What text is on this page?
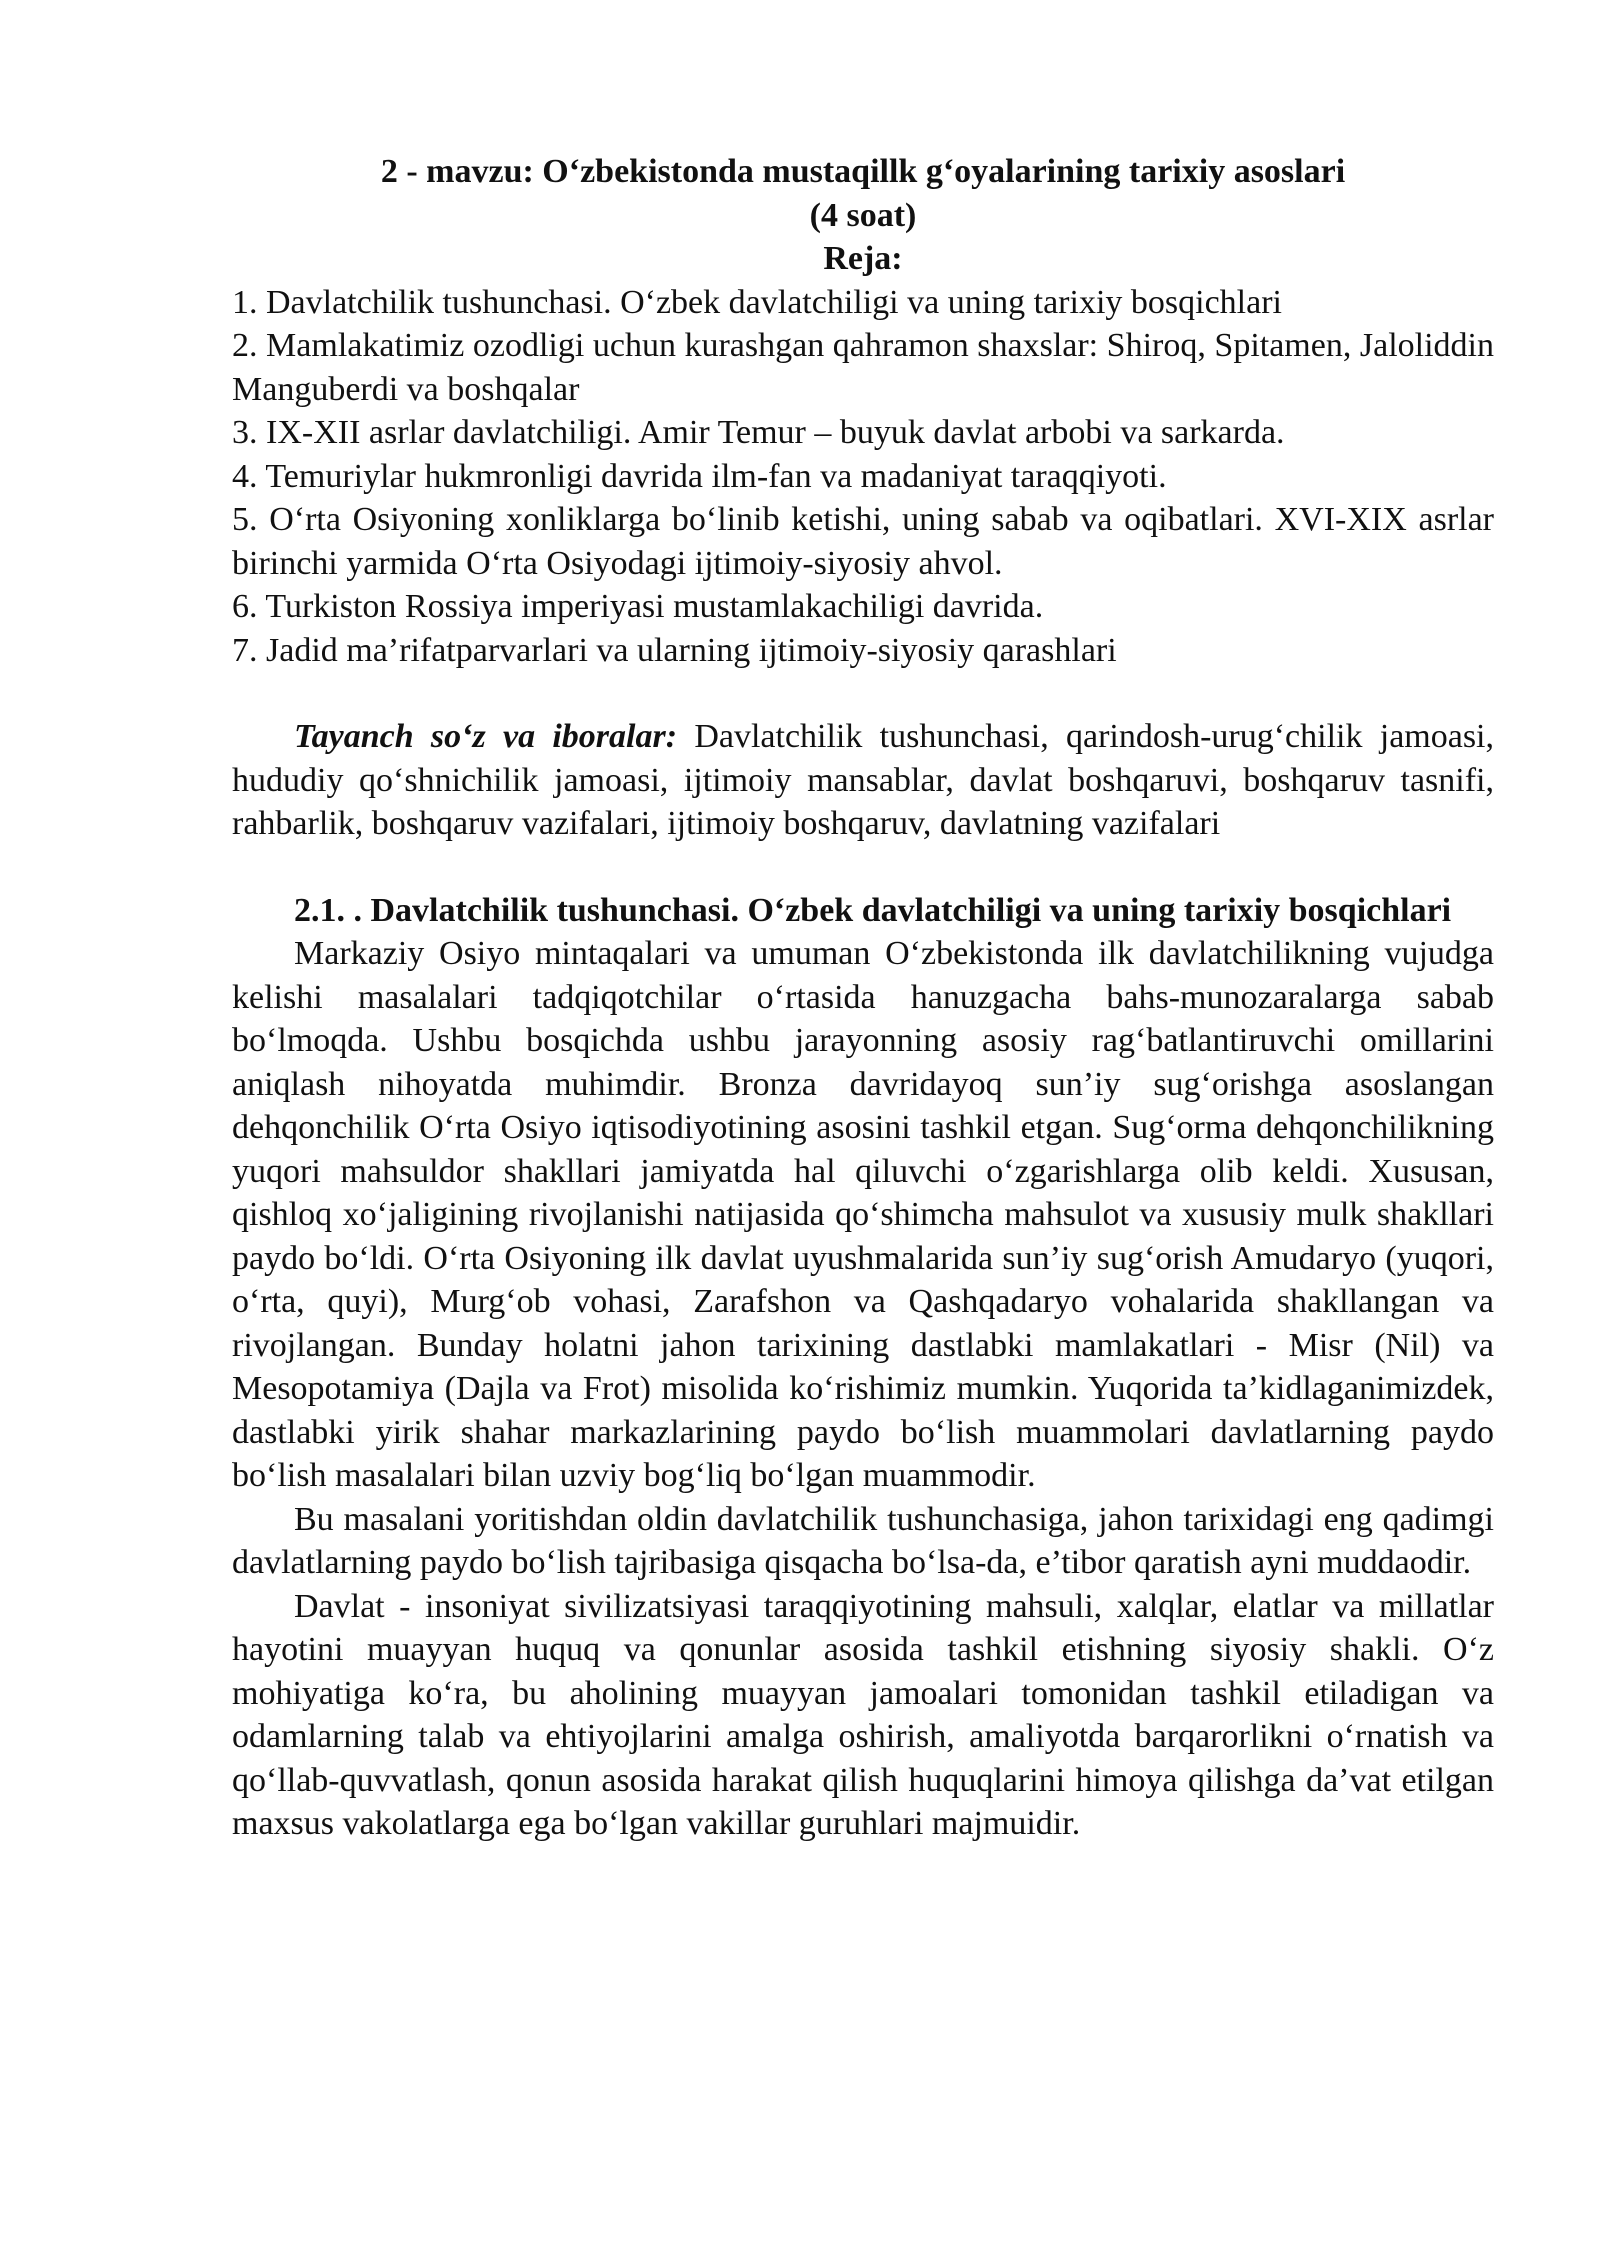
2 - mavzu: O‘zbekistonda mustaqillk g‘oyalarining tarixiy asoslari
(4 soat)
Reja:
1. Davlatchilik tushunchasi. O‘zbek davlatchiligi va uning tarixiy bosqichlari
2. Mamlakatimiz ozodligi uchun kurashgan qahramon shaxslar: Shiroq, Spitamen, Jaloliddin Manguberdi va boshqalar
3. IX-XII asrlar davlatchiligi. Amir Temur – buyuk davlat arbobi va sarkarda.
4. Temuriylar hukmronligi davrida ilm-fan va madaniyat taraqqiyoti.
5. O‘rta Osiyoning xonliklarga bo‘linib ketishi, uning sabab va oqibatlari. XVI-XIX asrlar birinchi yarmida O‘rta Osiyodagi ijtimoiy-siyosiy ahvol.
6. Turkiston Rossiya imperiyasi mustamlakachiligi davrida.
7. Jadid ma’rifatparvarlari va ularning ijtimoiy-siyosiy qarashlari

Tayanch so‘z va iboralar: Davlatchilik tushunchasi, qarindosh-urug‘chilik jamoasi, hududiy qo‘shnichilik jamoasi, ijtimoiy mansablar, davlat boshqaruvi, boshqaruv tasnifi, rahbarlik, boshqaruv vazifalari, ijtimoiy boshqaruv, davlatning vazifalari

2.1. . Davlatchilik tushunchasi. O‘zbek davlatchiligi va uning tarixiy bosqichlari

Markaziy Osiyo mintaqalari va umuman O‘zbekistonda ilk davlatchilikning vujudga kelishi masalalari tadqiqotchilar o‘rtasida hanuzgacha bahs-munozaralarga sabab bo‘lmoqda. Ushbu bosqichda ushbu jarayonning asosiy rag‘batlantiruvchi omillarini aniqlash nihoyatda muhimdir. Bronza davridayoq sun’iy sug‘orishga asoslangan dehqonchilik O‘rta Osiyo iqtisodiyotining asosini tashkil etgan. Sug‘orma dehqonchilikning yuqori mahsuldor shakllari jamiyatda hal qiluvchi o‘zgarishlarga olib keldi. Xususan, qishloq xo‘jaligining rivojlanishi natijasida qo‘shimcha mahsulot va xususiy mulk shakllari paydo bo‘ldi. O‘rta Osiyoning ilk davlat uyushmalarida sun’iy sug‘orish Amudaryo (yuqori, o‘rta, quyi), Murg‘ob vohasi, Zarafshon va Qashqadaryo vohalarida shakllangan va rivojlangan. Bunday holatni jahon tarixining dastlabki mamlakatlari - Misr (Nil) va Mesopotamiya (Dajla va Frot) misolida ko‘rishimiz mumkin. Yuqorida ta’kidlaganimizdek, dastlabki yirik shahar markazlarining paydo bo‘lish muammolari davlatlarning paydo bo‘lish masalalari bilan uzviy bog‘liq bo‘lgan muammodir.

Bu masalani yoritishdan oldin davlatchilik tushunchasiga, jahon tarixidagi eng qadimgi davlatlarning paydo bo‘lish tajribasiga qisqacha bo‘lsa-da, e’tibor qaratish ayni muddaodir.

Davlat - insoniyat sivilizatsiyasi taraqqiyotining mahsuli, xalqlar, elatlar va millatlar hayotini muayyan huquq va qonunlar asosida tashkil etishning siyosiy shakli. O‘z mohiyatiga ko‘ra, bu aholining muayyan jamoalari tomonidan tashkil etiladigan va odamlarning talab va ehtiyojlarini amalga oshirish, amaliyotda barqarorlikni o‘rnatish va qo‘llab-quvvatlash, qonun asosida harakat qilish huquqlarini himoya qilishga da’vat etilgan maxsus vakolatlarga ega bo‘lgan vakillar guruhlari majmuidir.
